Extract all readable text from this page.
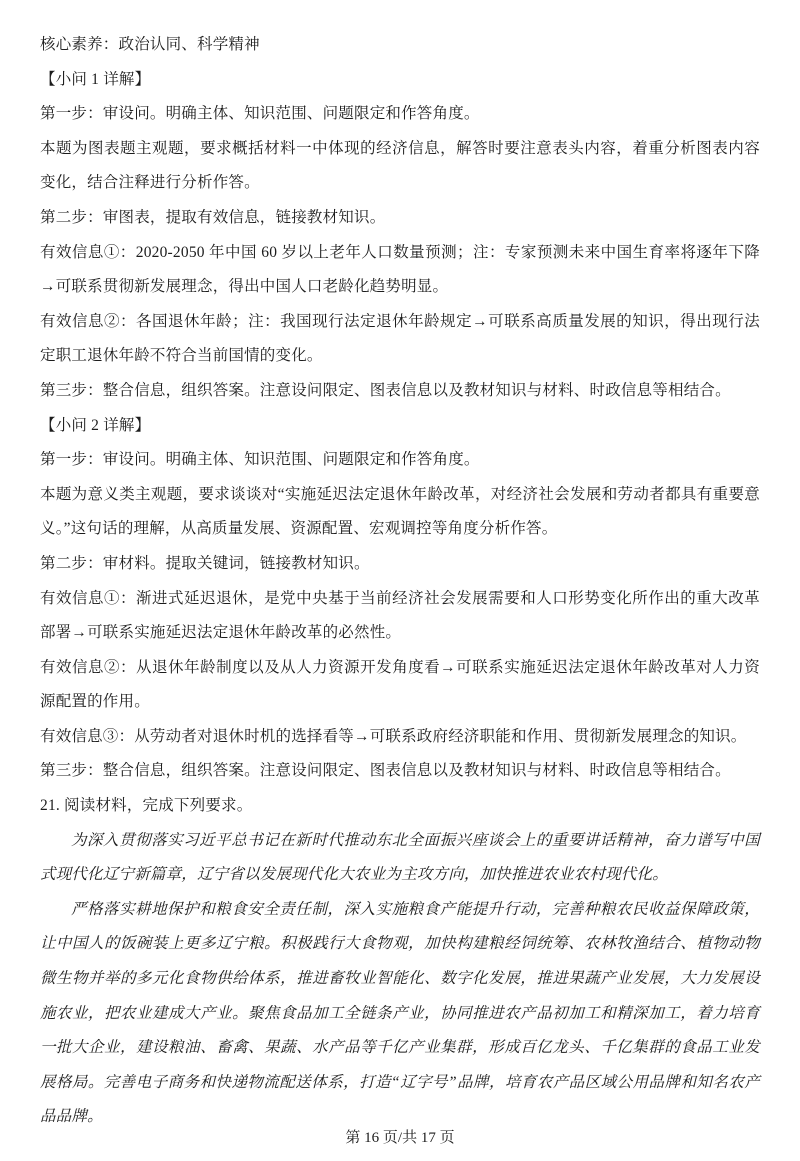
核心素养：政治认同、科学精神

【小问 1 详解】

第一步：审设问。明确主体、知识范围、问题限定和作答角度。

本题为图表题主观题，要求概括材料一中体现的经济信息，解答时要注意表头内容，着重分析图表内容变化，结合注释进行分析作答。

第二步：审图表，提取有效信息，链接教材知识。

有效信息①：2020-2050 年中国 60 岁以上老年人口数量预测；注：专家预测未来中国生育率将逐年下降→可联系贯彻新发展理念，得出中国人口老龄化趋势明显。

有效信息②：各国退休年龄；注：我国现行法定退休年龄规定→可联系高质量发展的知识，得出现行法定职工退休年龄不符合当前国情的变化。

第三步：整合信息，组织答案。注意设问限定、图表信息以及教材知识与材料、时政信息等相结合。

【小问 2 详解】

第一步：审设问。明确主体、知识范围、问题限定和作答角度。

本题为意义类主观题，要求谈谈对“实施延迟法定退休年龄改革，对经济社会发展和劳动者都具有重要意义。”这句话的理解，从高质量发展、资源配置、宏观调控等角度分析作答。

第二步：审材料。提取关键词，链接教材知识。

有效信息①：渐进式延迟退休，是党中央基于当前经济社会发展需要和人口形势变化所作出的重大改革部署→可联系实施延迟法定退休年龄改革的必然性。

有效信息②：从退休年龄制度以及从人力资源开发角度看→可联系实施延迟法定退休年龄改革对人力资源配置的作用。

有效信息③：从劳动者对退休时机的选择看等→可联系政府经济职能和作用、贯彻新发展理念的知识。

第三步：整合信息，组织答案。注意设问限定、图表信息以及教材知识与材料、时政信息等相结合。

21. 阅读材料，完成下列要求。

为深入贯彻落实习近平总书记在新时代推动东北全面振兴座谈会上的重要讲话精神，奋力谱写中国式现代化辽宁新篇章，辽宁省以发展现代化大农业为主攻方向，加快推进农业农村现代化。

严格落实耕地保护和粮食安全责任制，深入实施粮食产能提升行动，完善种粮农民收益保障政策，让中国人的饭碗装上更多辽宁粮。积极践行大食物观，加快构建粮经饲统筹、农林牧渔结合、植物动物微生物并举的多元化食物供给体系，推进畜牧业智能化、数字化发展，推进果蔬产业发展，大力发展设施农业，把农业建成大产业。聚焦食品加工全链条产业，协同推进农产品初加工和精深加工，着力培育一批大企业，建设粮油、畜禽、果蔬、水产品等千亿产业集群，形成百亿龙头、千亿集群的食品工业发展格局。完善电子商务和快递物流配送体系，打造“辽字号”品牌，培育农产品区域公用品牌和知名农产品品牌。

第 16 页/共 17 页
